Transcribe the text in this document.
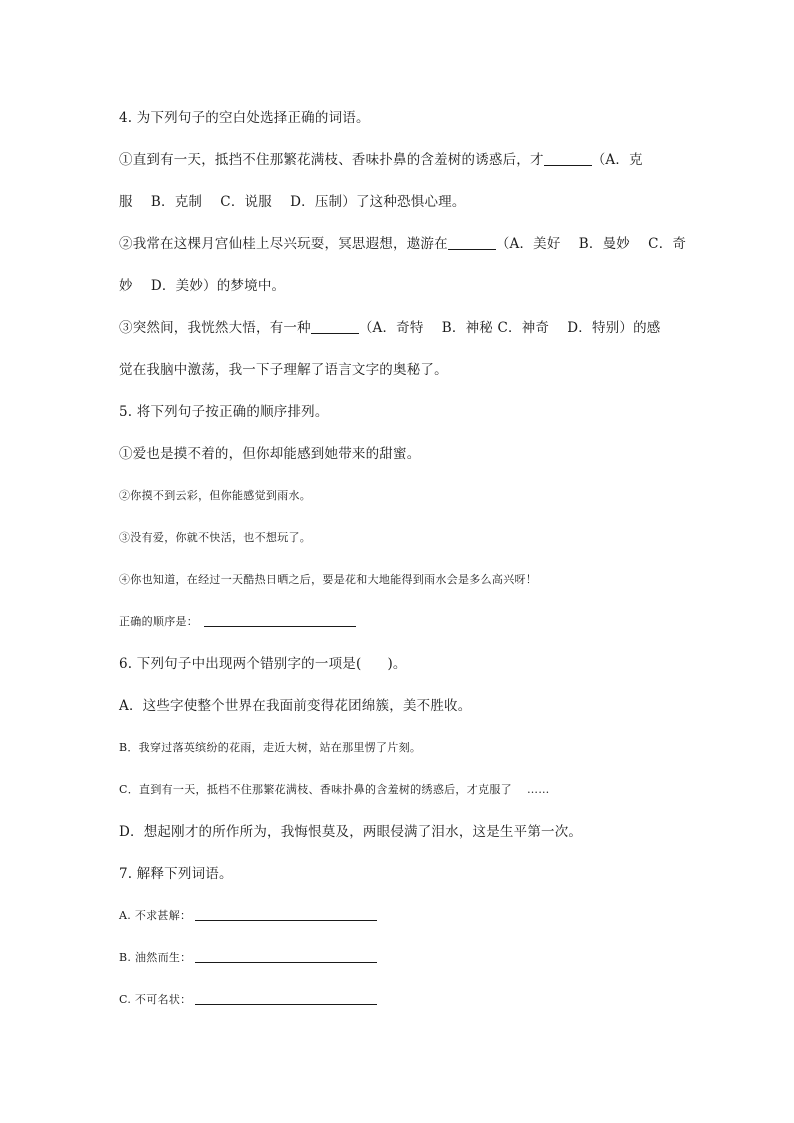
4. 为下列句子的空白处选择正确的词语。
①直到有一天，抵挡不住那繁花满枝、香味扑鼻的含羞树的诱惑后，才	（A．克
服　 B．克制　 C．说服　 D．压制）了这种恐惧心理。
②我常在这棵月宫仙桂上尽兴玩耍，冥思遐想，遨游在	（A．美好　 B．曼妙　 C．奇
妙　 D．美妙）的梦境中。
③突然间，我恍然大悟，有一种	（A．奇特　 B．神秘 C．神奇　 D．特别）的感
觉在我脑中激荡，我一下子理解了语言文字的奥秘了。
5. 将下列句子按正确的顺序排列。
①爱也是摸不着的，但你却能感到她带来的甜蜜。
②你摸不到云彩，但你能感觉到雨水。
③没有爱，你就不快活，也不想玩了。
④你也知道，在经过一天酷热日晒之后，要是花和大地能得到雨水会是多么高兴呀！
正确的顺序是：
6. 下列句子中出现两个错别字的一项是( )。
A．这些字使整个世界在我面前变得花团绵簇，美不胜收。
B．我穿过落英缤纷的花雨，走近大树，站在那里愣了片刻。
C．直到有一天，抵档不住那繁花满枝、香味扑鼻的含羞树的绣惑后，才克服了　 ……
D．想起刚才的所作所为，我悔恨莫及，两眼侵满了泪水，这是生平第一次。
7. 解释下列词语。
A. 不求甚解：
B. 油然而生：
C. 不可名状：
